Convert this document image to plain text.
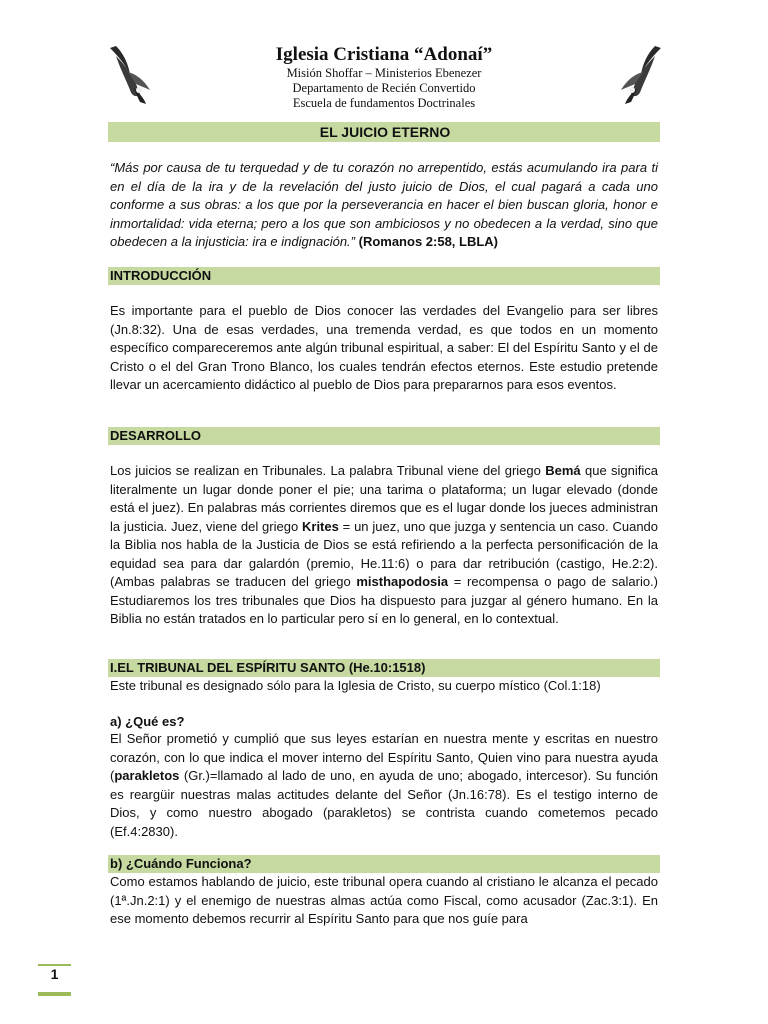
Iglesia Cristiana “Adonaí”
Misión Shoffar – Ministerios Ebenezer
Departamento de Recién Convertido
Escuela de fundamentos Doctrinales
EL JUICIO ETERNO

“Más por causa de tu terquedad y de tu corazón no arrepentido, estás acumulando ira para ti en el día de la ira y de la revelación del justo juicio de Dios, el cual pagará a cada uno conforme a sus obras: a los que por la perseverancia en hacer el bien buscan gloria, honor e inmortalidad: vida eterna; pero a los que son ambiciosos y no obedecen a la verdad, sino que obedecen a la injusticia: ira e indignación.” (Romanos 2:58, LBLA)

INTRODUCCIÓN

Es importante para el pueblo de Dios conocer las verdades del Evangelio para ser libres (Jn.8:32). Una de esas verdades, una tremenda verdad, es que todos en un momento específico compareceremos ante algún tribunal espiritual, a saber: El del Espíritu Santo y el de Cristo o el del Gran Trono Blanco, los cuales tendrán efectos eternos. Este estudio pretende llevar un acercamiento didáctico al pueblo de Dios para prepararnos para esos eventos.

DESARROLLO

Los juicios se realizan en Tribunales. La palabra Tribunal viene del griego Bemá que significa literalmente un lugar donde poner el pie; una tarima o plataforma; un lugar elevado (donde está el juez). En palabras más corrientes diremos que es el lugar donde los jueces administran la justicia. Juez, viene del griego Krites = un juez, uno que juzga y sentencia un caso. Cuando la Biblia nos habla de la Justicia de Dios se está refiriendo a la perfecta personificación de la equidad sea para dar galardón (premio, He.11:6) o para dar retribución (castigo, He.2:2). (Ambas palabras se traducen del griego misthapodosia = recompensa o pago de salario.) Estudiaremos los tres tribunales que Dios ha dispuesto para juzgar al género humano. En la Biblia no están tratados en lo particular pero sí en lo general, en lo contextual.

I.EL TRIBUNAL DEL ESPÍRITU SANTO (He.10:1518)

Este tribunal es designado sólo para la Iglesia de Cristo, su cuerpo místico (Col.1:18)

a) ¿Qué es?

El Señor prometió y cumplió que sus leyes estarían en nuestra mente y escritas en nuestro corazón, con lo que indica el mover interno del Espíritu Santo, Quien vino para nuestra ayuda (parakletos (Gr.)=llamado al lado de uno, en ayuda de uno; abogado, intercesor). Su función es reargüir nuestras malas actitudes delante del Señor (Jn.16:78). Es el testigo interno de Dios, y como nuestro abogado (parakletos) se contrista cuando cometemos pecado (Ef.4:2830).

b) ¿Cuándo Funciona?

Como estamos hablando de juicio, este tribunal opera cuando al cristiano le alcanza el pecado (1ª.Jn.2:1) y el enemigo de nuestras almas actúa como Fiscal, como acusador (Zac.3:1). En ese momento debemos recurrir al Espíritu Santo para que nos guíe para

1
